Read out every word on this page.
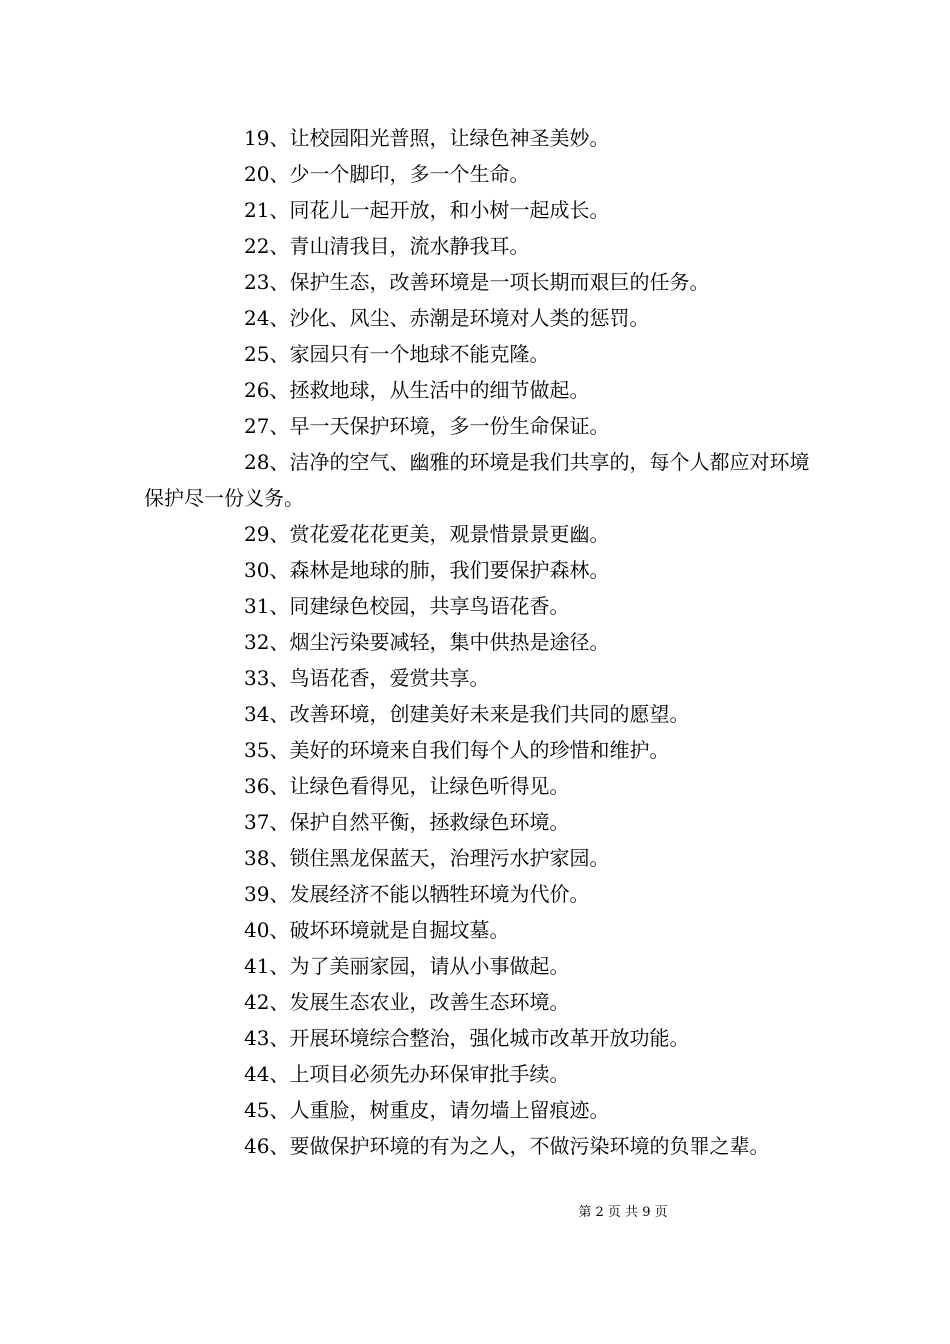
19、让校园阳光普照，让绿色神圣美妙。
20、少一个脚印，多一个生命。
21、同花儿一起开放，和小树一起成长。
22、青山清我目，流水静我耳。
23、保护生态，改善环境是一项长期而艰巨的任务。
24、沙化、风尘、赤潮是环境对人类的惩罚。
25、家园只有一个地球不能克隆。
26、拯救地球，从生活中的细节做起。
27、早一天保护环境，多一份生命保证。

28、洁净的空气、幽雅的环境是我们共享的，每个人都应对环境保护尽一份义务。

29、赏花爱花花更美，观景惜景景更幽。
30、森林是地球的肺，我们要保护森林。
31、同建绿色校园，共享鸟语花香。
32、烟尘污染要减轻，集中供热是途径。
33、鸟语花香，爱赏共享。
34、改善环境，创建美好未来是我们共同的愿望。
35、美好的环境来自我们每个人的珍惜和维护。
36、让绿色看得见，让绿色听得见。
37、保护自然平衡，拯救绿色环境。
38、锁住黑龙保蓝天，治理污水护家园。
39、发展经济不能以牺牲环境为代价。
40、破坏环境就是自掘坟墓。
41、为了美丽家园，请从小事做起。
42、发展生态农业，改善生态环境。
43、开展环境综合整治，强化城市改革开放功能。
44、上项目必须先办环保审批手续。
45、人重脸，树重皮，请勿墙上留痕迹。
46、要做保护环境的有为之人，不做污染环境的负罪之辈。
第 2 页 共 9 页
